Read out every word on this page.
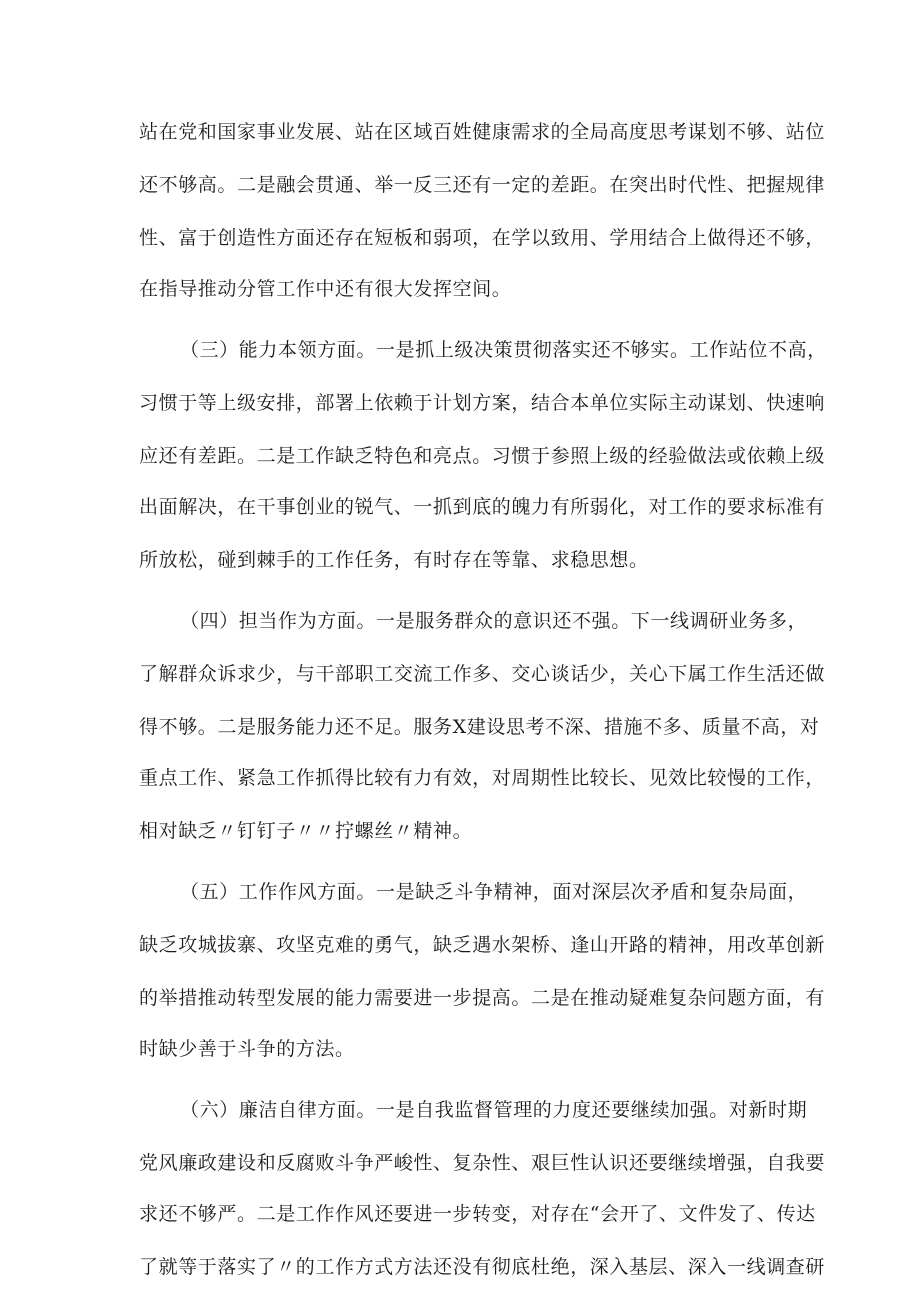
站在党和国家事业发展、站在区域百姓健康需求的全局高度思考谋划不够、站位
还不够高。二是融会贯通、举一反三还有一定的差距。在突出时代性、把握规律
性、富于创造性方面还存在短板和弱项，在学以致用、学用结合上做得还不够，
在指导推动分管工作中还有很大发挥空间。
（三）能力本领方面。一是抓上级决策贯彻落实还不够实。工作站位不高，
习惯于等上级安排，部署上依赖于计划方案，结合本单位实际主动谋划、快速响
应还有差距。二是工作缺乏特色和亮点。习惯于参照上级的经验做法或依赖上级
出面解决，在干事创业的锐气、一抓到底的魄力有所弱化，对工作的要求标准有
所放松，碰到棘手的工作任务，有时存在等靠、求稳思想。
（四）担当作为方面。一是服务群众的意识还不强。下一线调研业务多，
了解群众诉求少，与干部职工交流工作多、交心谈话少，关心下属工作生活还做
得不够。二是服务能力还不足。服务X建设思考不深、措施不多、质量不高，对
重点工作、紧急工作抓得比较有力有效，对周期性比较长、见效比较慢的工作，
相对缺乏〃钉钉子〃〃拧螺丝〃精神。
（五）工作作风方面。一是缺乏斗争精神，面对深层次矛盾和复杂局面，
缺乏攻城拔寨、攻坚克难的勇气，缺乏遇水架桥、逢山开路的精神，用改革创新
的举措推动转型发展的能力需要进一步提高。二是在推动疑难复杂问题方面，有
时缺少善于斗争的方法。
（六）廉洁自律方面。一是自我监督管理的力度还要继续加强。对新时期
党风廉政建设和反腐败斗争严峻性、复杂性、艰巨性认识还要继续增强，自我要
求还不够严。二是工作作风还要进一步转变，对存在“会开了、文件发了、传达
了就等于落实了〃的工作方式方法还没有彻底杜绝，深入基层、深入一线调查研
